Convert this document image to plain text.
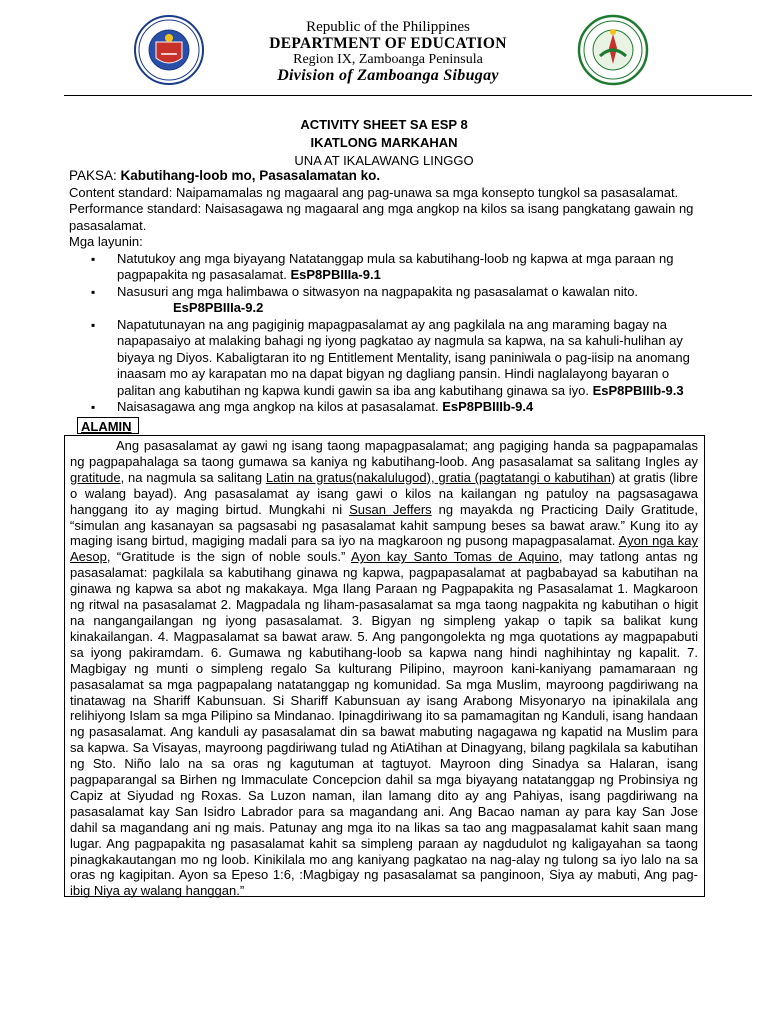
Republic of the Philippines
DEPARTMENT OF EDUCATION
Region IX, Zamboanga Peninsula
Division of Zamboanga Sibugay
ACTIVITY SHEET SA ESP 8
IKATLONG MARKAHAN
UNA AT IKALAWANG LINGGO

PAKSA: Kabutihang-loob mo, Pasasalamatan ko.

Content standard: Naipamamalas ng magaaral ang pag-unawa sa mga konsepto tungkol sa pasasalamat.

Performance standard: Naisasagawa ng magaaral ang mga angkop na kilos sa isang pangkatang gawain ng pasasalamat.

Mga layunin:

▪ Natutukoy ang mga biyayang Natatanggap mula sa kabutihang-loob ng kapwa at mga paraan ng pagpapakita ng pasasalamat. EsP8PBIIIa-9.1
▪ Nasusuri ang mga halimbawa o sitwasyon na nagpapakita ng pasasalamat o kawalan nito.
EsP8PBIIIa-9.2
▪ Napatutunayan na ang pagiginig mapagpasalamat ay ang pagkilala na ang maraming bagay na napapasaiyo at malaking bahagi ng iyong pagkatao ay nagmula sa kapwa, na sa kahuli-hulihan ay biyaya ng Diyos. Kabaligtaran ito ng Entitlement Mentality, isang paniniwala o pag-iisip na anomang inaasam mo ay karapatan mo na dapat bigyan ng dagliang pansin. Hindi naglalayong bayaran o palitan ang kabutihan ng kapwa kundi gawin sa iba ang kabutihang ginawa sa iyo. EsP8PBIIIb-9.3
▪ Naisasagawa ang mga angkop na kilos at pasasalamat. EsP8PBIIIb-9.4
ALAMIN

Ang pasasalamat ay gawi ng isang taong mapagpasalamat; ang pagiging handa sa pagpapamalas ng pagpapahalaga sa taong gumawa sa kaniya ng kabutihang-loob. Ang pasasalamat sa salitang Ingles ay gratitude, na nagmula sa salitang Latin na gratus(nakalulugod), gratia (pagtatangi o kabutihan) at gratis (libre o walang bayad). Ang pasasalamat ay isang gawi o kilos na kailangan ng patuloy na pagsasagawa hanggang ito ay maging birtud. Mungkahi ni Susan Jeffers ng mayakda ng Practicing Daily Gratitude, “simulan ang kasanayan sa pagsasabi ng pasasalamat kahit sampung beses sa bawat araw.” Kung ito ay maging isang birtud, magiging madali para sa iyo na magkaroon ng pusong mapagpasalamat. Ayon nga kay Aesop, “Gratitude is the sign of noble souls.” Ayon kay Santo Tomas de Aquino, may tatlong antas ng pasasalamat: pagkilala sa kabutihang ginawa ng kapwa, pagpapasalamat at pagbabayad sa kabutihan na ginawa ng kapwa sa abot ng makakaya. Mga Ilang Paraan ng Pagpapakita ng Pasasalamat 1. Magkaroon ng ritwal na pasasalamat 2. Magpadala ng liham-pasasalamat sa mga taong nagpakita ng kabutihan o higit na nangangailangan ng iyong pasasalamat. 3. Bigyan ng simpleng yakap o tapik sa balikat kung kinakailangan. 4. Magpasalamat sa bawat araw. 5. Ang pangongolekta ng mga quotations ay magpapabuti sa iyong pakiramdam. 6. Gumawa ng kabutihang-loob sa kapwa nang hindi naghihintay ng kapalit. 7. Magbigay ng munti o simpleng regalo Sa kulturang Pilipino, mayroon kani-kaniyang pamamaraan ng pasasalamat sa mga pagpapalang natatanggap ng komunidad. Sa mga Muslim, mayroong pagdiriwang na tinatawag na Shariff Kabunsuan. Si Shariff Kabunsuan ay isang Arabong Misyonaryo na ipinakilala ang relihiyong Islam sa mga Pilipino sa Mindanao. Ipinagdiriwang ito sa pamamagitan ng Kanduli, isang handaan ng pasasalamat. Ang kanduli ay pasasalamat din sa bawat mabuting nagagawa ng kapatid na Muslim para sa kapwa. Sa Visayas, mayroong pagdiriwang tulad ng AtiAtihan at Dinagyang, bilang pagkilala sa kabutihan ng Sto. Niño lalo na sa oras ng kagutuman at tagtuyot. Mayroon ding Sinadya sa Halaran, isang pagpaparangal sa Birhen ng Immaculate Concepcion dahil sa mga biyayang natatanggap ng Probinsiya ng Capiz at Siyudad ng Roxas. Sa Luzon naman, ilan lamang dito ay ang Pahiyas, isang pagdiriwang na pasasalamat kay San Isidro Labrador para sa magandang ani. Ang Bacao naman ay para kay San Jose dahil sa magandang ani ng mais. Patunay ang mga ito na likas sa tao ang magpasalamat kahit saan mang lugar. Ang pagpapakita ng pasasalamat kahit sa simpleng paraan ay nagdudulot ng kaligayahan sa taong pinagkakautangan mo ng loob. Kinikilala mo ang kaniyang pagkatao na nag-alay ng tulong sa iyo lalo na sa oras ng kagipitan. Ayon sa Epeso 1:6, :Magbigay ng pasasalamat sa panginoon, Siya ay mabuti, Ang pag-ibig Niya ay walang hanggan.”
